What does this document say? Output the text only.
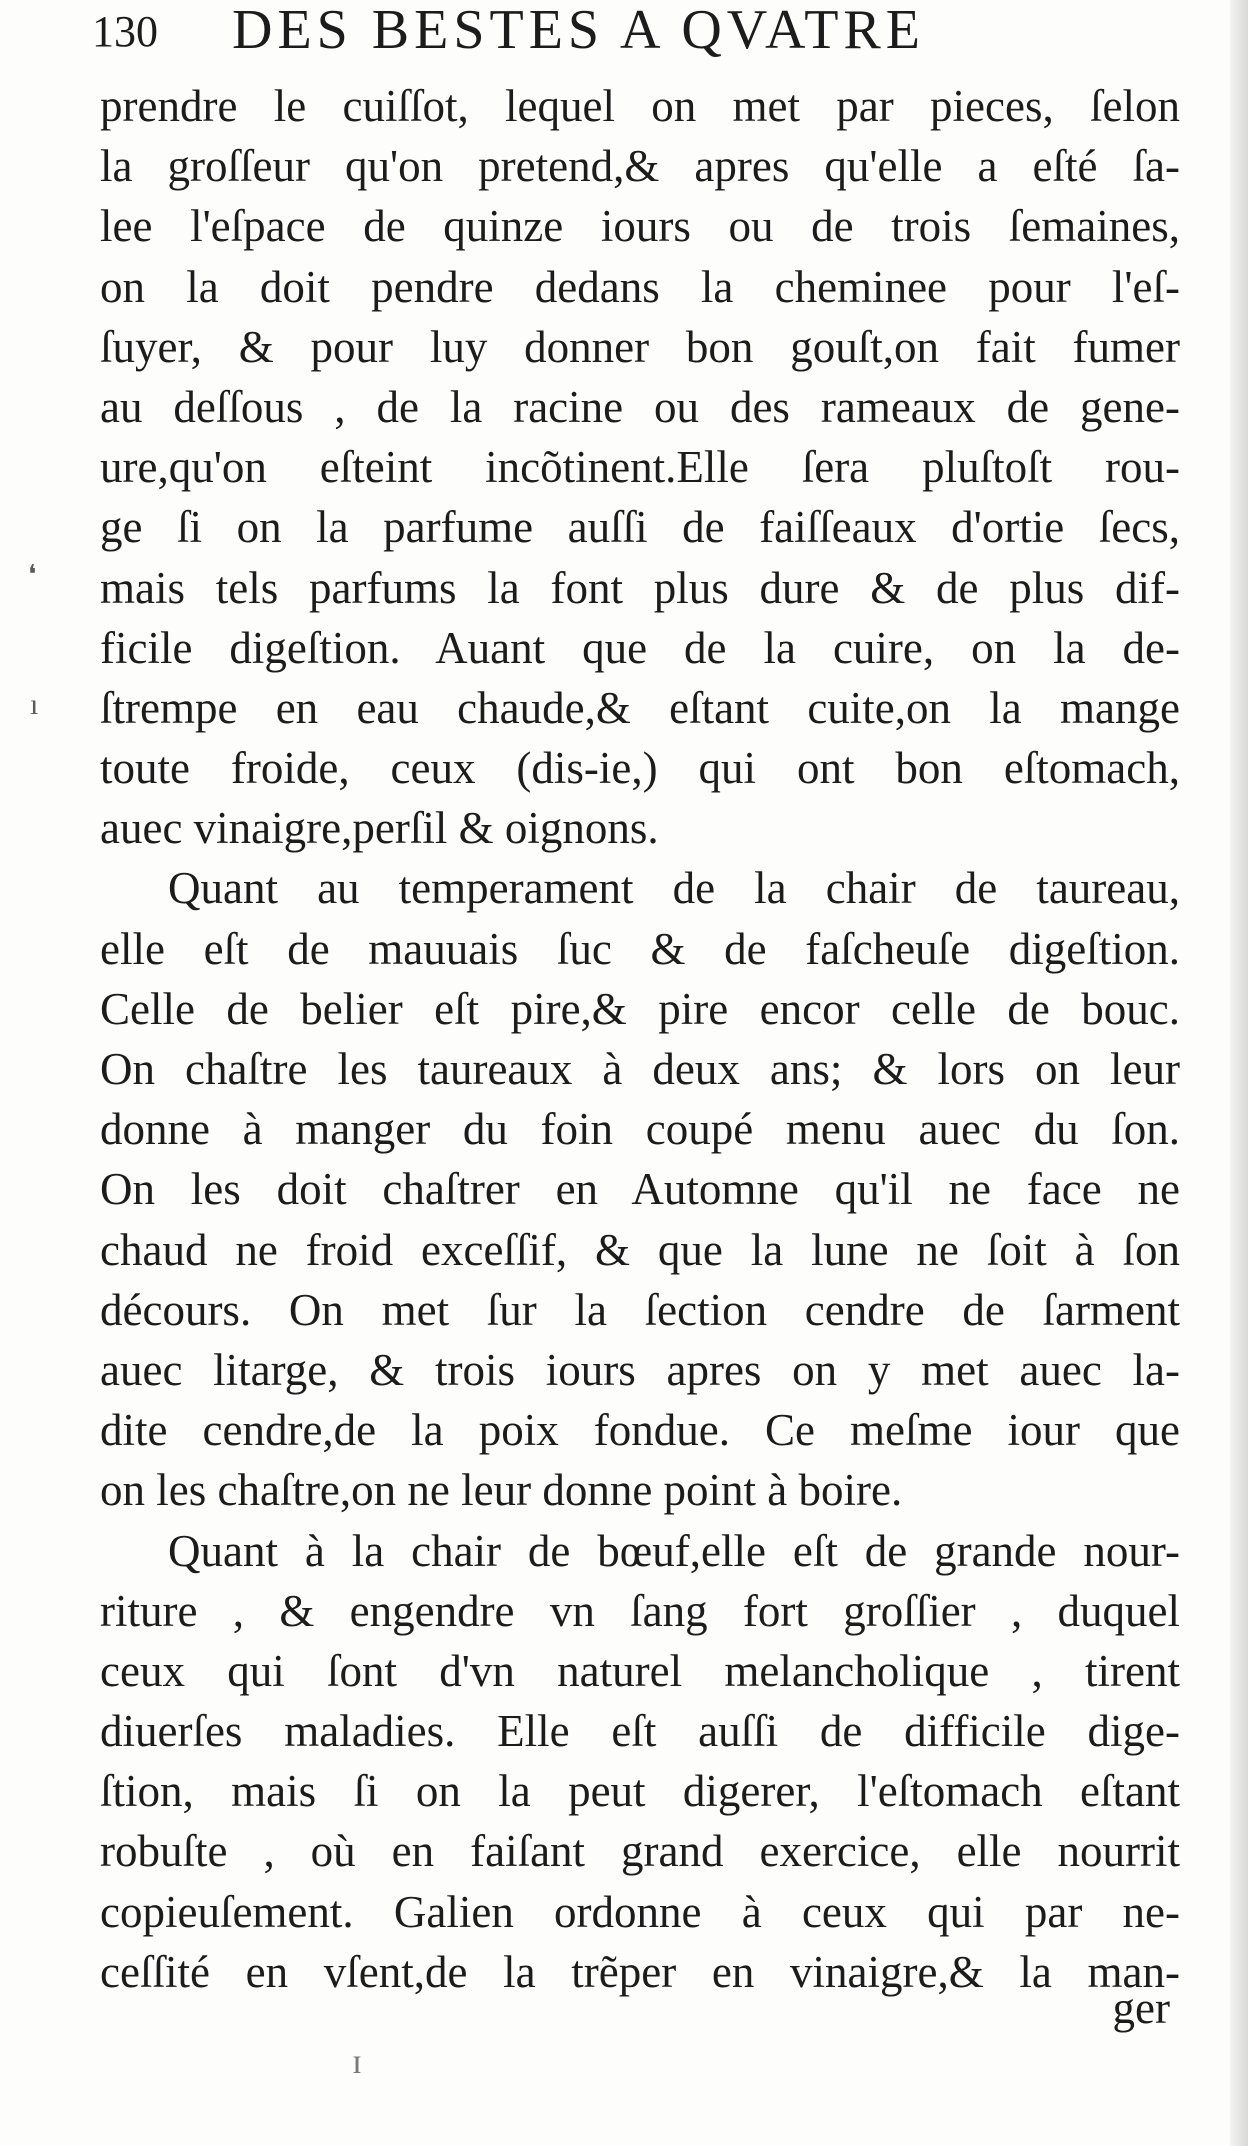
130 DES BESTES A QVATRE
prendre le cuiſſot, lequel on met par pieces, ſelon
la groſſeur qu'on pretend,& apres qu'elle a eſté ſa-
lee l'eſpace de quinze iours ou de trois ſemaines,
on la doit pendre dedans la cheminee pour l'eſ-
ſuyer, & pour luy donner bon gouſt,on fait fumer
au deſſous , de la racine ou des rameaux de gene-
ure,qu'on eſteint incõtinent.Elle ſera pluſtoſt rou-
ge ſi on la parfume auſſi de faiſſeaux d'ortie ſecs,
mais tels parfums la font plus dure & de plus dif-
ficile digeſtion. Auant que de la cuire, on la de-
ſtrempe en eau chaude,& eſtant cuite,on la mange
toute froide, ceux (dis-ie,) qui ont bon eſtomach,
auec vinaigre,perſil & oignons.
Quant au temperament de la chair de taureau,
elle eſt de mauuais ſuc & de faſcheuſe digeſtion.
Celle de belier eſt pire,& pire encor celle de bouc.
On chaſtre les taureaux à deux ans; & lors on leur
donne à manger du foin coupé menu auec du ſon.
On les doit chaſtrer en Automne qu'il ne face ne
chaud ne froid exceſſif, & que la lune ne ſoit à ſon
décours. On met ſur la ſection cendre de ſarment
auec litarge, & trois iours apres on y met auec la-
dite cendre,de la poix fondue. Ce meſme iour que
on les chaſtre,on ne leur donne point à boire.
Quant à la chair de bœuf,elle eſt de grande nour-
riture , & engendre vn ſang fort groſſier , duquel
ceux qui ſont d'vn naturel melancholique , tirent
diuerſes maladies. Elle eſt auſſi de difficile dige-
ſtion, mais ſi on la peut digerer, l'eſtomach eſtant
robuſte , où en faiſant grand exercice, elle nourrit
copieuſement. Galien ordonne à ceux qui par ne-
ceſſité en vſent,de la trẽper en vinaigre,& la man-
ger
❛
ı
ɪ
